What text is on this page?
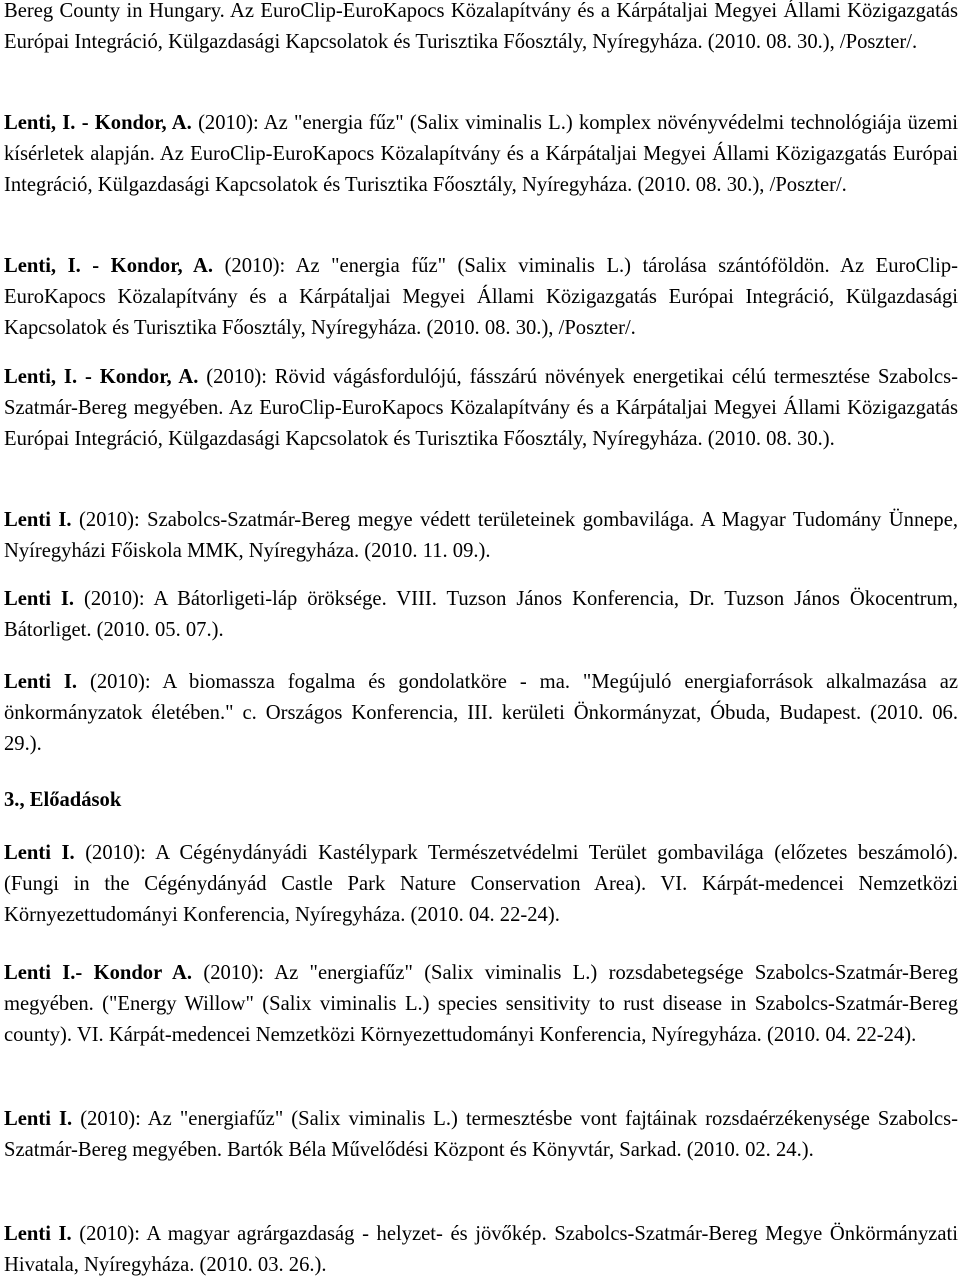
Bereg County in Hungary. Az EuroClip-EuroKapocs Közalapítvány és a Kárpátaljai Megyei Állami Közigazgatás Európai Integráció, Külgazdasági Kapcsolatok és Turisztika Főosztály, Nyíregyháza. (2010. 08. 30.), /Poszter/.

Lenti, I. - Kondor, A. (2010): Az "energia fűz" (Salix viminalis L.) komplex növényvédelmi technológiája üzemi kísérletek alapján. Az EuroClip-EuroKapocs Közalapítvány és a Kárpátaljai Megyei Állami Közigazgatás Európai Integráció, Külgazdasági Kapcsolatok és Turisztika Főosztály, Nyíregyháza. (2010. 08. 30.), /Poszter/.

Lenti, I. - Kondor, A. (2010): Az "energia fűz" (Salix viminalis L.) tárolása szántóföldön. Az EuroClip-EuroKapocs Közalapítvány és a Kárpátaljai Megyei Állami Közigazgatás Európai Integráció, Külgazdasági Kapcsolatok és Turisztika Főosztály, Nyíregyháza. (2010. 08. 30.), /Poszter/.

Lenti, I. - Kondor, A. (2010): Rövid vágásfordulójú, fásszárú növények energetikai célú termesztése Szabolcs-Szatmár-Bereg megyében. Az EuroClip-EuroKapocs Közalapítvány és a Kárpátaljai Megyei Állami Közigazgatás Európai Integráció, Külgazdasági Kapcsolatok és Turisztika Főosztály, Nyíregyháza. (2010. 08. 30.).

Lenti I. (2010): Szabolcs-Szatmár-Bereg megye védett területeinek gombavilága. A Magyar Tudomány Ünnepe, Nyíregyházi Főiskola MMK, Nyíregyháza. (2010. 11. 09.).

Lenti I. (2010): A Bátorligeti-láp öröksége. VIII. Tuzson János Konferencia, Dr. Tuzson János Ökocentrum, Bátorliget. (2010. 05. 07.).

Lenti I. (2010): A biomassza fogalma és gondolatköre - ma. "Megújuló energiaforrások alkalmazása az önkormányzatok életében." c. Országos Konferencia, III. kerületi Önkormányzat, Óbuda, Budapest. (2010. 06. 29.).

3., Előadások

Lenti I. (2010): A Cégénydányádi Kastélypark Természetvédelmi Terület gombavilága (előzetes beszámoló). (Fungi in the Cégénydányád Castle Park Nature Conservation Area). VI. Kárpát-medencei Nemzetközi Környezettudományi Konferencia, Nyíregyháza. (2010. 04. 22-24).

Lenti I.- Kondor A. (2010): Az "energiafűz" (Salix viminalis L.) rozsdabetegsége Szabolcs-Szatmár-Bereg megyében. ("Energy Willow" (Salix viminalis L.) species sensitivity to rust disease in Szabolcs-Szatmár-Bereg county). VI. Kárpát-medencei Nemzetközi Környezettudományi Konferencia, Nyíregyháza. (2010. 04. 22-24).

Lenti I. (2010): Az "energiafűz" (Salix viminalis L.) termesztésbe vont fajtáinak rozsdaérzékenysége Szabolcs-Szatmár-Bereg megyében. Bartók Béla Művelődési Központ és Könyvtár, Sarkad. (2010. 02. 24.).

Lenti I. (2010): A magyar agrárgazdaság - helyzet- és jövőkép. Szabolcs-Szatmár-Bereg Megye Önkörmányzati Hivatala, Nyíregyháza. (2010. 03. 26.).
